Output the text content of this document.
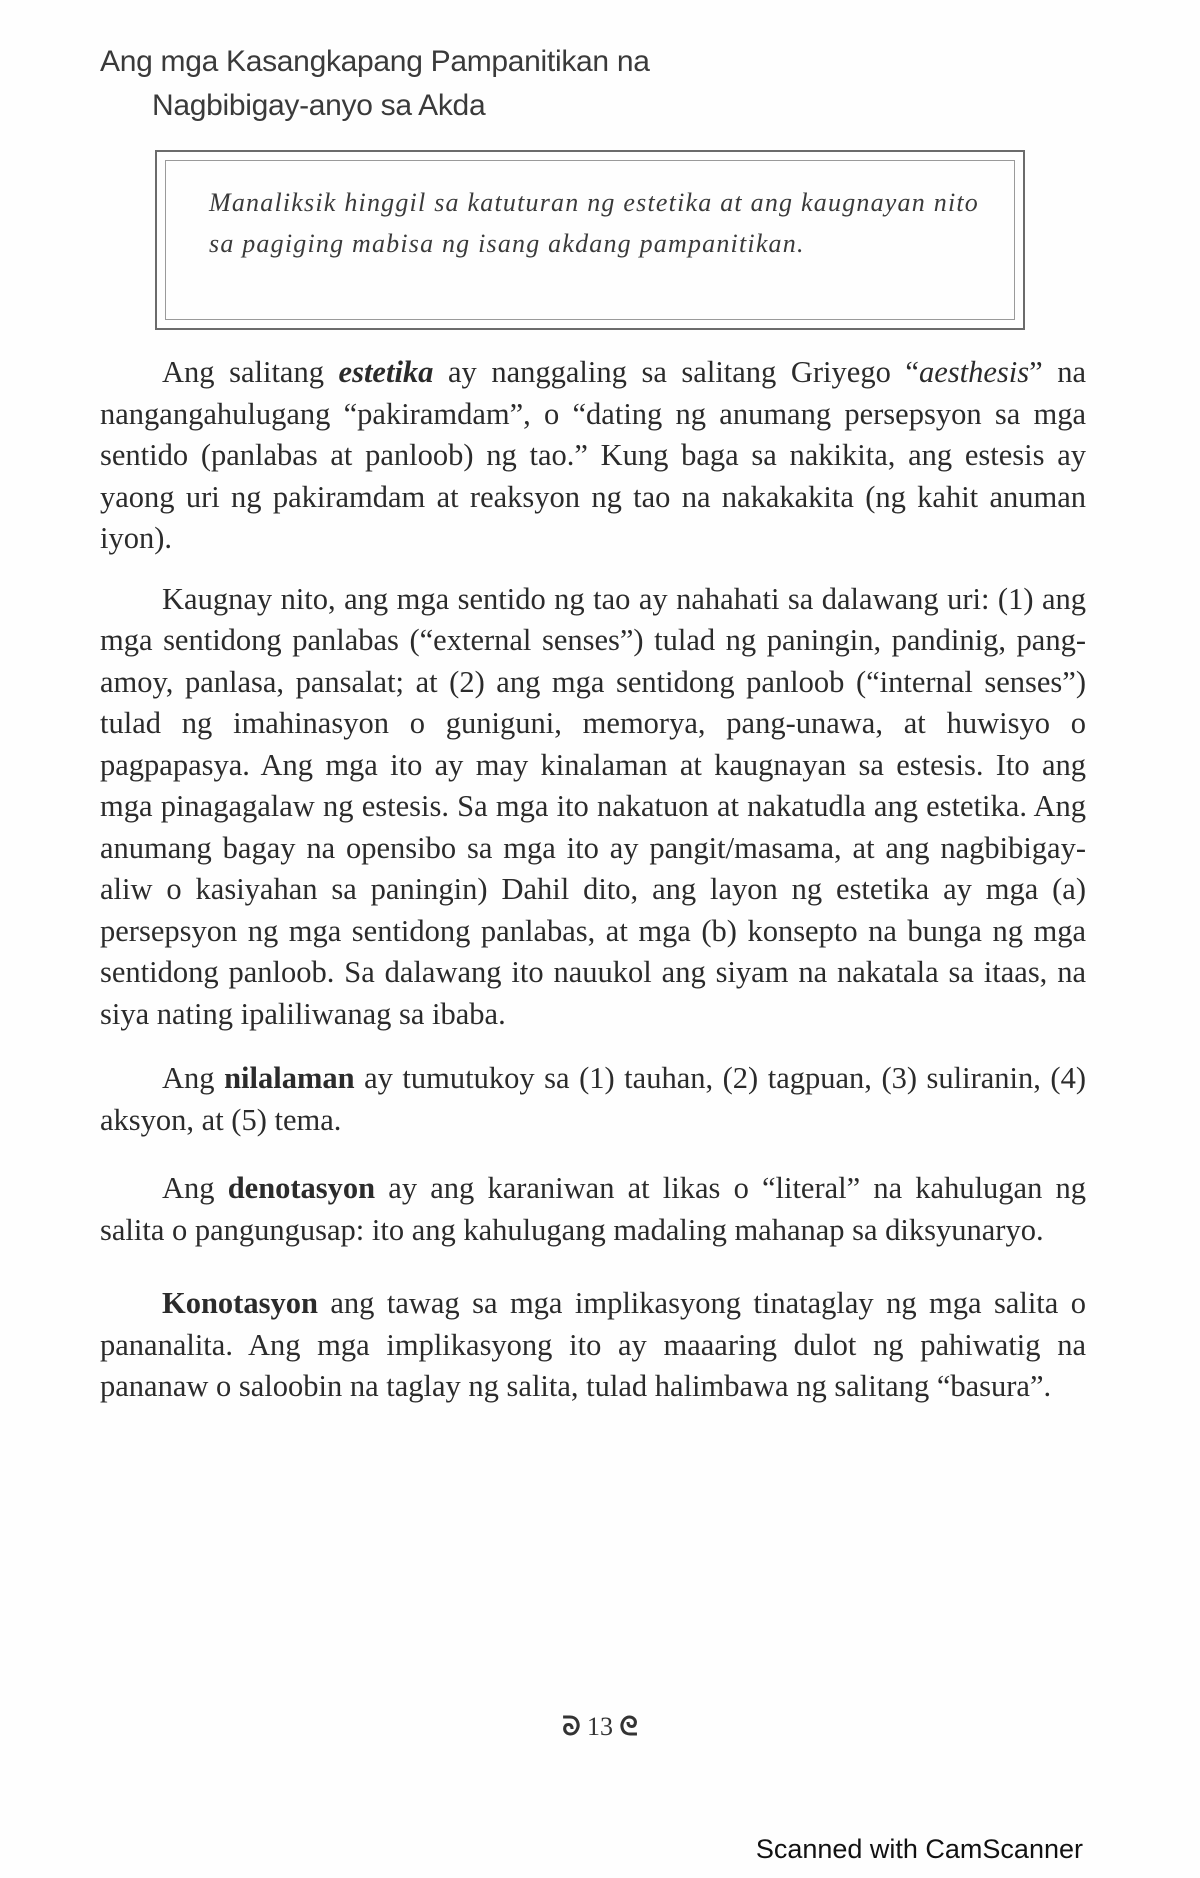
Ang mga Kasangkapang Pampanitikan na
Nagbibigay-anyo sa Akda
Manaliksik hinggil sa katuturan ng estetika at ang kaugnayan nito sa pagiging mabisa ng isang akdang pampanitikan.

Ang salitang estetika ay nanggaling sa salitang Griyego “aesthesis” na nangangahulugang “pakiramdam”, o “dating ng anumang persepsyon sa mga sentido (panlabas at panloob) ng tao.” Kung baga sa nakikita, ang estesis ay yaong uri ng pakiramdam at reaksyon ng tao na nakakakita (ng kahit anuman iyon).

Kaugnay nito, ang mga sentido ng tao ay nahahati sa dalawang uri: (1) ang mga sentidong panlabas (“external senses”) tulad ng paningin, pandinig, pang-amoy, panlasa, pansalat; at (2) ang mga sentidong panloob (“internal senses”) tulad ng imahinasyon o guniguni, memorya, pang-unawa, at huwisyo o pagpapasya. Ang mga ito ay may kinalaman at kaugnayan sa estesis. Ito ang mga pinagagalaw ng estesis. Sa mga ito nakatuon at nakatudla ang estetika. Ang anumang bagay na opensibo sa mga ito ay pangit/masama, at ang nagbibigay-aliw o kasiyahan sa paningin) Dahil dito, ang layon ng estetika ay mga (a) persepsyon ng mga sentidong panlabas, at mga (b) konsepto na bunga ng mga sentidong panloob. Sa dalawang ito nauukol ang siyam na nakatala sa itaas, na siya nating ipaliliwanag sa ibaba.

Ang nilalaman ay tumutukoy sa (1) tauhan, (2) tagpuan, (3) suliranin, (4) aksyon, at (5) tema.

Ang denotasyon ay ang karaniwan at likas o “literal” na kahulugan ng salita o pangungusap: ito ang kahulugang madaling mahanap sa diksyunaryo.

Konotasyon ang tawag sa mga implikasyong tinataglay ng mga salita o pananalita. Ang mga implikasyong ito ay maaaring dulot ng pahiwatig na pananaw o saloobin na taglay ng salita, tulad halimbawa ng salitang “basura”.

ᘐ 13 ᘓ
Scanned with CamScanner
